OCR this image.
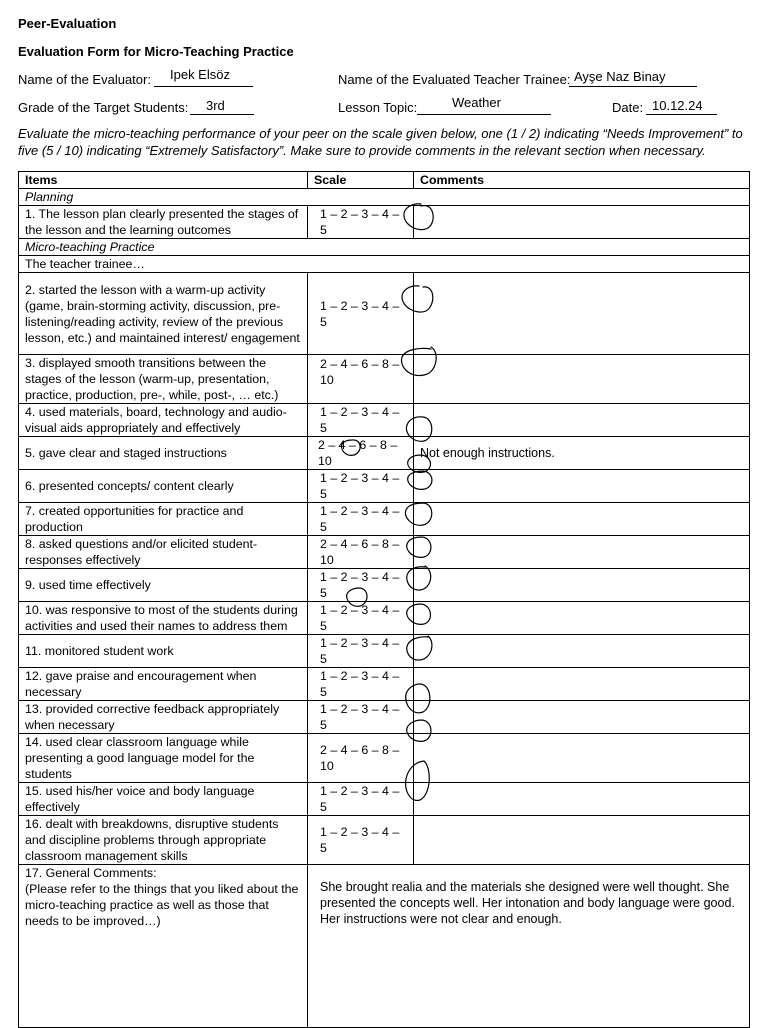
Peer-Evaluation
Evaluation Form for Micro-Teaching Practice
Name of the Evaluator: Ipek Elsöz	Name of the Evaluated Teacher Trainee: Ayşe Naz Binay
Grade of the Target Students: 3rd	Lesson Topic:	Weather	Date: 10.12.24
Evaluate the micro-teaching performance of your peer on the scale given below, one (1 / 2) indicating “Needs Improvement” to five (5 / 10) indicating “Extremely Satisfactory”. Make sure to provide comments in the relevant section when necessary.
Items	Scale	Comments
Planning		
1. The lesson plan clearly presented the stages of the lesson and the learning outcomes	1 – 2 – 3 – 4 – 5	
Micro-teaching Practice		
The teacher trainee…		
2. started the lesson with a warm-up activity (game, brain-storming activity, discussion, pre-listening/reading activity, review of the previous lesson, etc.) and maintained interest/ engagement	1 – 2 – 3 – 4 – 5	
3. displayed smooth transitions between the stages of the lesson (warm-up, presentation, practice, production, pre-, while, post-, … etc.)	2 – 4 – 6 – 8 – 10	
4. used materials, board, technology and audio-visual aids appropriately and effectively	1 – 2 – 3 – 4 – 5	
5. gave clear and staged instructions	2 – 4 – 6 – 8 – 10	Not enough instructions.
6. presented concepts/ content clearly	1 – 2 – 3 – 4 – 5	
7. created opportunities for practice and production	1 – 2 – 3 – 4 – 5	
8. asked questions and/or elicited student-responses effectively	2 – 4 – 6 – 8 – 10	
9. used time effectively	1 – 2 – 3 – 4 – 5	
10. was responsive to most of the students during activities and used their names to address them	1 – 2 – 3 – 4 – 5	
11. monitored student work	1 – 2 – 3 – 4 – 5	
12. gave praise and encouragement when necessary	1 – 2 – 3 – 4 – 5	
13. provided corrective feedback appropriately when necessary	1 – 2 – 3 – 4 – 5	
14. used clear classroom language while presenting a good language model for the students	2 – 4 – 6 – 8 – 10	
15. used his/her voice and body language effectively	1 – 2 – 3 – 4 – 5	
16. dealt with breakdowns, disruptive students and discipline problems through appropriate classroom management skills	1 – 2 – 3 – 4 – 5	
17. General Comments:
(Please refer to the things that you liked about the micro-teaching practice as well as those that needs to be improved…)	She brought realia and the materials she designed were well thought. She presented the concepts well. Her intonation and body language were good. Her instructions were not clear and enough.	
